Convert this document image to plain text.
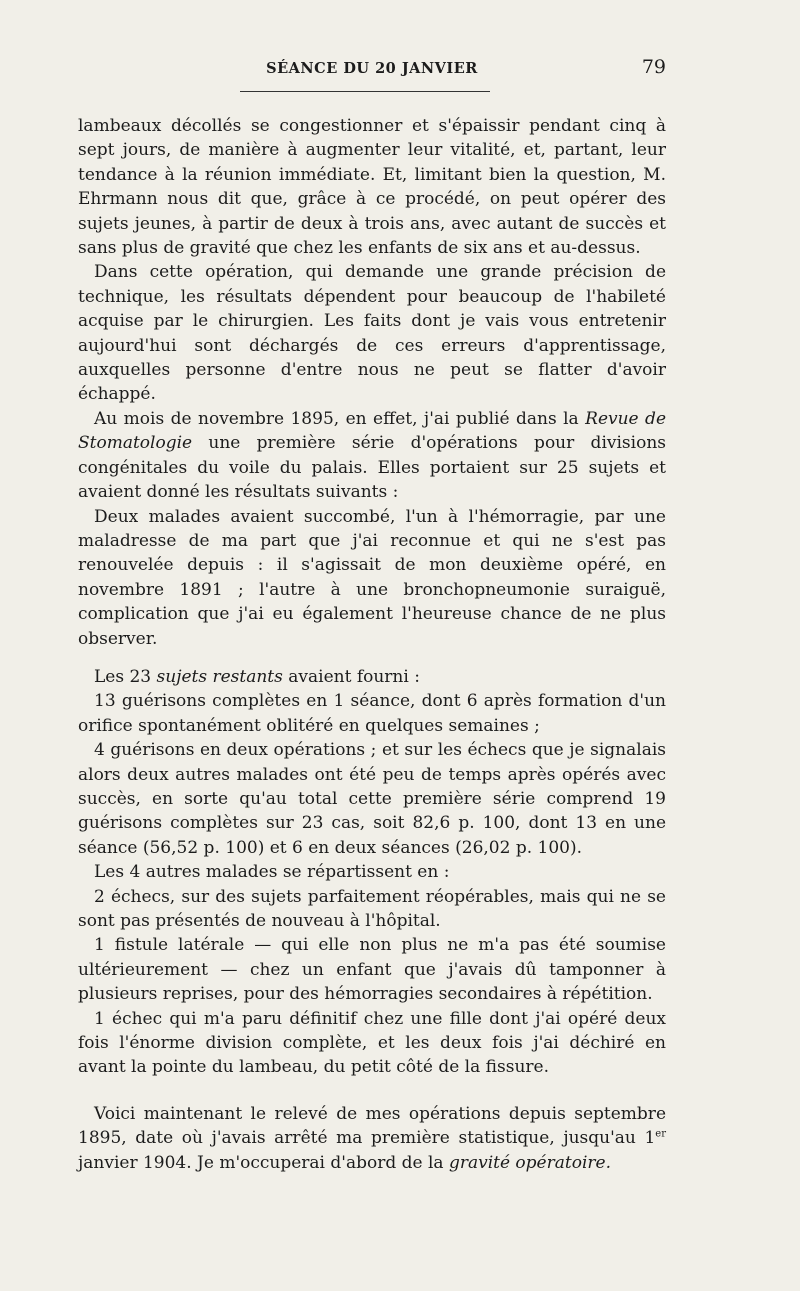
SÉANCE DU 20 JANVIER	79

lambeaux décollés se congestionner et s'épaissir pendant cinq à sept jours, de manière à augmenter leur vitalité, et, partant, leur tendance à la réunion immédiate. Et, limitant bien la question, M. Ehrmann nous dit que, grâce à ce procédé, on peut opérer des sujets jeunes, à partir de deux à trois ans, avec autant de succès et sans plus de gravité que chez les enfants de six ans et au-dessus.

Dans cette opération, qui demande une grande précision de technique, les résultats dépendent pour beaucoup de l'habileté acquise par le chirurgien. Les faits dont je vais vous entretenir aujourd'hui sont déchargés de ces erreurs d'apprentissage, auxquelles personne d'entre nous ne peut se flatter d'avoir échappé.

Au mois de novembre 1895, en effet, j'ai publié dans la Revue de Stomatologie une première série d'opérations pour divisions congénitales du voile du palais. Elles portaient sur 25 sujets et avaient donné les résultats suivants :

Deux malades avaient succombé, l'un à l'hémorragie, par une maladresse de ma part que j'ai reconnue et qui ne s'est pas renouvelée depuis : il s'agissait de mon deuxième opéré, en novembre 1891 ; l'autre à une bronchopneumonie suraiguë, complication que j'ai eu également l'heureuse chance de ne plus observer.

Les 23 sujets restants avaient fourni :

13 guérisons complètes en 1 séance, dont 6 après formation d'un orifice spontanément oblitéré en quelques semaines ;

4 guérisons en deux opérations ; et sur les échecs que je signalais alors deux autres malades ont été peu de temps après opérés avec succès, en sorte qu'au total cette première série comprend 19 guérisons complètes sur 23 cas, soit 82,6 p. 100, dont 13 en une séance (56,52 p. 100) et 6 en deux séances (26,02 p. 100).

Les 4 autres malades se répartissent en :

2 échecs, sur des sujets parfaitement réopérables, mais qui ne se sont pas présentés de nouveau à l'hôpital.

1 fistule latérale — qui elle non plus ne m'a pas été soumise ultérieurement — chez un enfant que j'avais dû tamponner à plusieurs reprises, pour des hémorragies secondaires à répétition.

1 échec qui m'a paru définitif chez une fille dont j'ai opéré deux fois l'énorme division complète, et les deux fois j'ai déchiré en avant la pointe du lambeau, du petit côté de la fissure.

Voici maintenant le relevé de mes opérations depuis septembre 1895, date où j'avais arrêté ma première statistique, jusqu'au 1er janvier 1904. Je m'occuperai d'abord de la gravité opératoire.
